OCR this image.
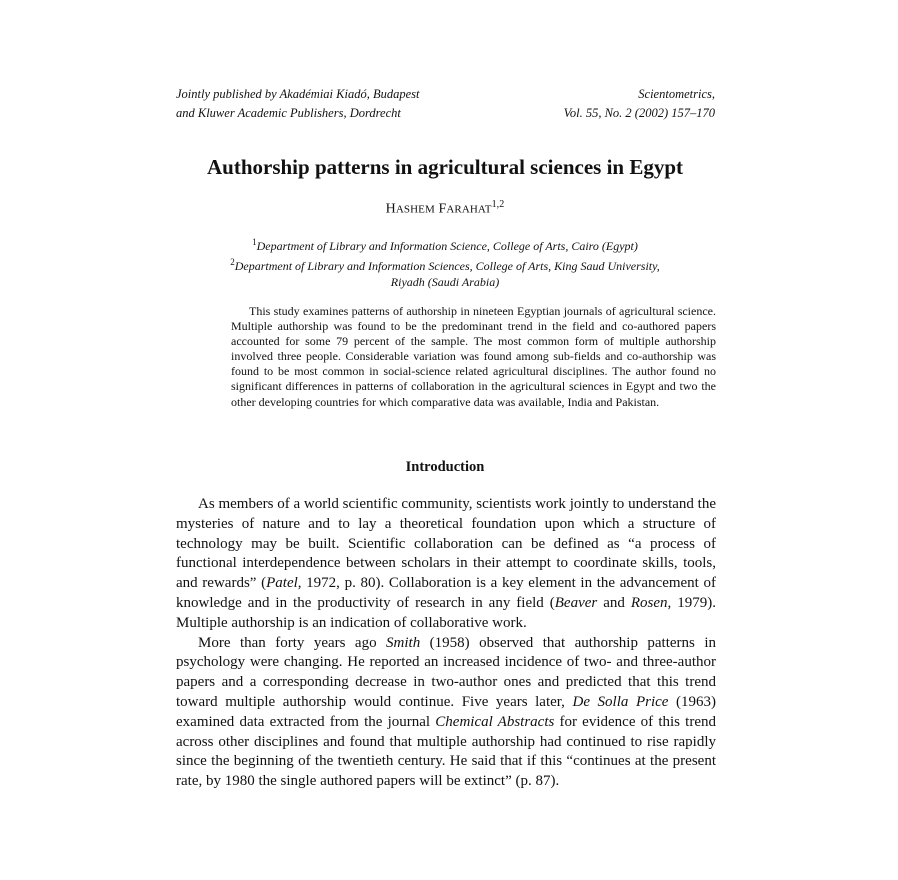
Jointly published by Akadémiai Kiadó, Budapest
and Kluwer Academic Publishers, Dordrecht
Scientometrics,
Vol. 55, No. 2 (2002) 157–170
Authorship patterns in agricultural sciences in Egypt
HASHEM FARAHAT$^{1,2}$
$^1$Department of Library and Information Science, College of Arts, Cairo (Egypt)
$^2$Department of Library and Information Sciences, College of Arts, King Saud University,
Riyadh (Saudi Arabia)
This study examines patterns of authorship in nineteen Egyptian journals of agricultural science. Multiple authorship was found to be the predominant trend in the field and co-authored papers accounted for some 79 percent of the sample. The most common form of multiple authorship involved three people. Considerable variation was found among sub-fields and co-authorship was found to be most common in social-science related agricultural disciplines. The author found no significant differences in patterns of collaboration in the agricultural sciences in Egypt and two the other developing countries for which comparative data was available, India and Pakistan.
Introduction

As members of a world scientific community, scientists work jointly to understand the mysteries of nature and to lay a theoretical foundation upon which a structure of technology may be built. Scientific collaboration can be defined as “a process of functional interdependence between scholars in their attempt to coordinate skills, tools, and rewards” (Patel, 1972, p. 80). Collaboration is a key element in the advancement of knowledge and in the productivity of research in any field (Beaver and Rosen, 1979). Multiple authorship is an indication of collaborative work.

More than forty years ago Smith (1958) observed that authorship patterns in psychology were changing. He reported an increased incidence of two- and three-author papers and a corresponding decrease in two-author ones and predicted that this trend toward multiple authorship would continue. Five years later, De Solla Price (1963) examined data extracted from the journal Chemical Abstracts for evidence of this trend across other disciplines and found that multiple authorship had continued to rise rapidly since the beginning of the twentieth century. He said that if this “continues at the present rate, by 1980 the single authored papers will be extinct” (p. 87).
